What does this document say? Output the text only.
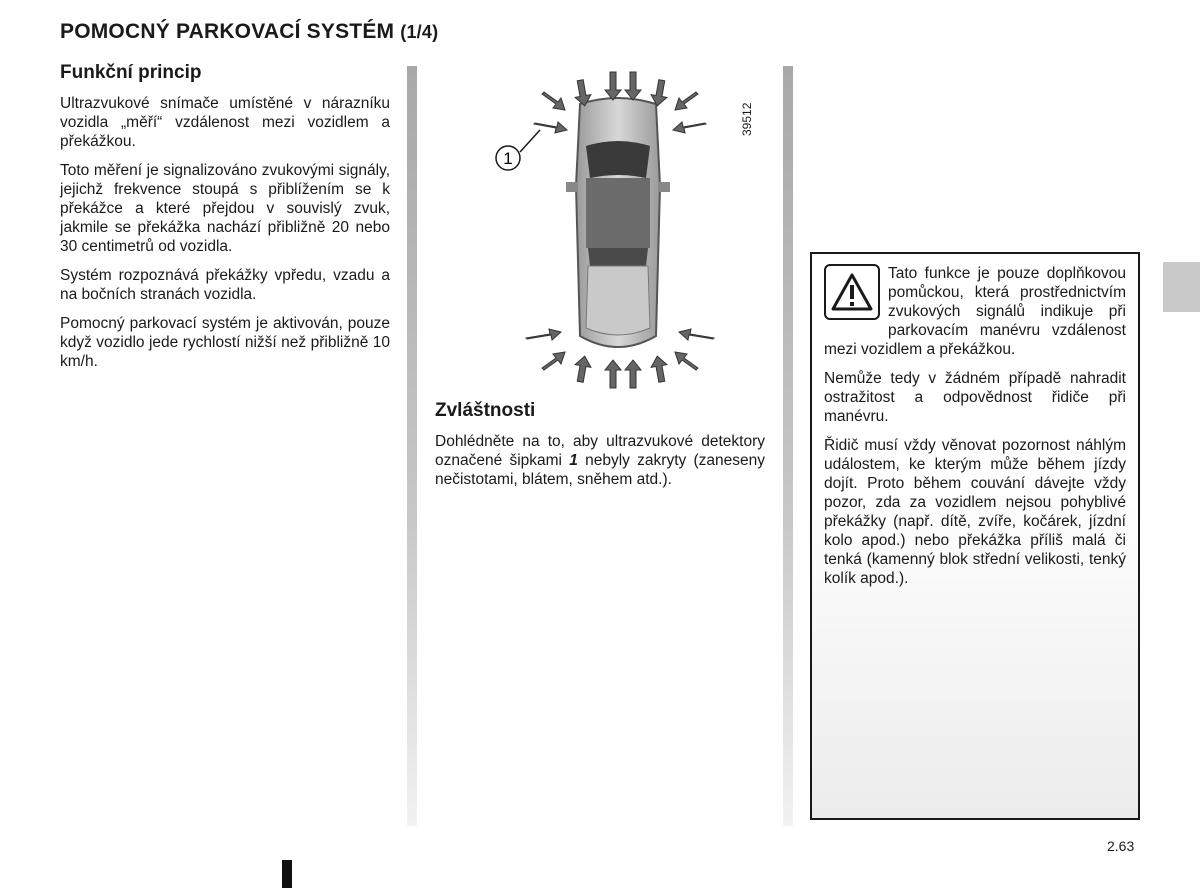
POMOCNÝ PARKOVACÍ SYSTÉM (1/4)
Funkční princip

Ultrazvukové snímače umístěné v nárazníku vozidla „měří“ vzdálenost mezi vozidlem a překážkou.

Toto měření je signalizováno zvukovými signály, jejichž frekvence stoupá s přiblížením se k překážce a které přejdou v souvislý zvuk, jakmile se překážka nachází přibližně 20 nebo 30 centimetrů od vozidla.

Systém rozpoznává překážky vpředu, vzadu a na bočních stranách vozidla.

Pomocný parkovací systém je aktivován, pouze když vozidlo jede rychlostí nižší než přibližně 10 km/h.

1
39512
Zvláštnosti

Dohlédněte na to, aby ultrazvukové detektory označené šipkami 1 nebyly zakryty (zaneseny nečistotami, blátem, sněhem atd.).

Tato funkce je pouze doplňkovou pomůckou, která prostřednictvím zvukových signálů indikuje při parkovacím manévru vzdálenost mezi vozidlem a překážkou.

Nemůže tedy v žádném případě nahradit ostražitost a odpovědnost řidiče při manévru.

Řidič musí vždy věnovat pozornost náhlým událostem, ke kterým může během jízdy dojít. Proto během couvání dávejte vždy pozor, zda za vozidlem nejsou pohyblivé překážky (např. dítě, zvíře, kočárek, jízdní kolo apod.) nebo překážka příliš malá či tenká (kamenný blok střední velikosti, tenký kolík apod.).

2.63
